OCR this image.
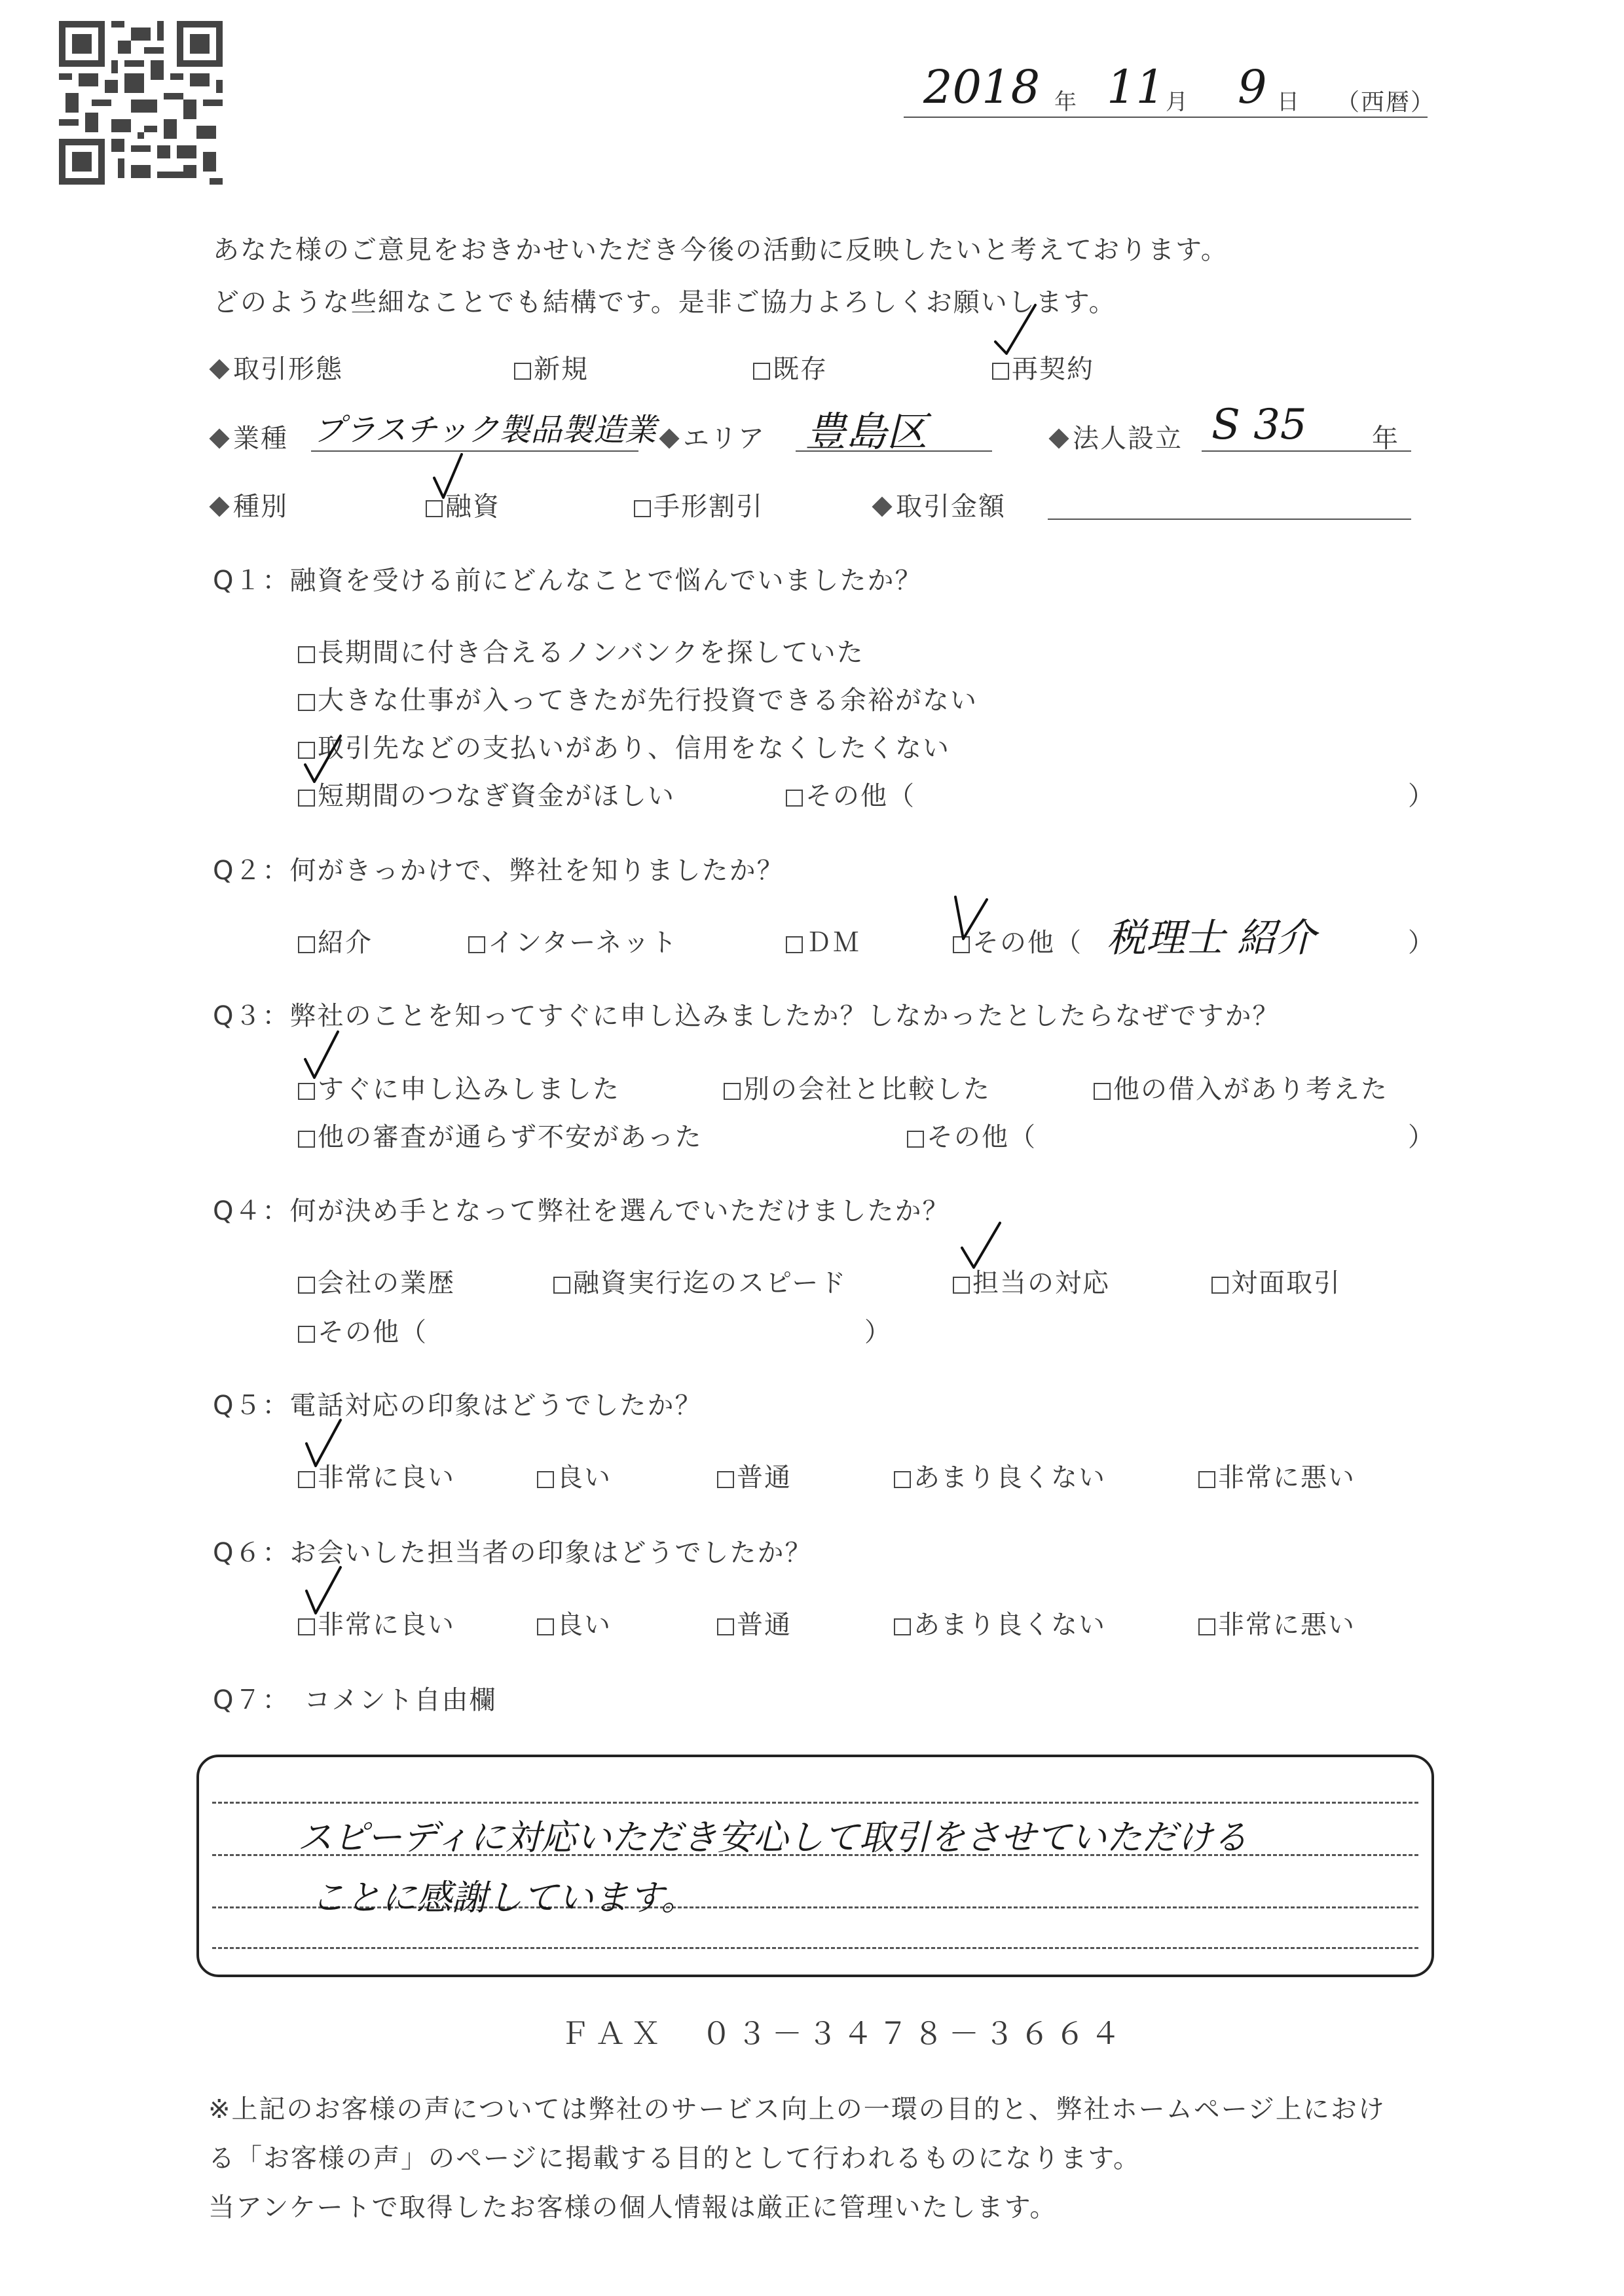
2018 年 11 月 9 日 （西暦）
あなた様のご意見をおきかせいただき今後の活動に反映したいと考えております。
どのような些細なことでも結構です。是非ご協力よろしくお願いします。
取引形態	新規	既存	再契約
業種 プラスチック製品製造業	エリア 豊島区	法人設立 S 35 年
種別	融資	手形割引	取引金額
Q１：融資を受ける前にどんなことで悩んでいましたか？
長期間に付き合えるノンバンクを探していた
大きな仕事が入ってきたが先行投資できる余裕がない
取引先などの支払いがあり、信用をなくしたくない
短期間のつなぎ資金がほしい	その他（	）
Q２：何がきっかけで、弊社を知りましたか？
紹介	インターネット	ＤＭ	その他（ 税理士 紹介	）
Q３：弊社のことを知ってすぐに申し込みましたか？しなかったとしたらなぜですか？
すぐに申し込みしました	別の会社と比較した	他の借入があり考えた
他の審査が通らず不安があった	その他（	）
Q４：何が決め手となって弊社を選んでいただけましたか？
会社の業歴	融資実行迄のスピード	担当の対応	対面取引
その他（	）
Q５：電話対応の印象はどうでしたか？
非常に良い	良い	普通	あまり良くない	非常に悪い
Q６：お会いした担当者の印象はどうでしたか？
非常に良い	良い	普通	あまり良くない	非常に悪い
Q７：　コメント自由欄
スピーディに対応いただき安心して取引をさせていただける
ことに感謝しています。
ＦＡＸ　０３－３４７８－３６６４
※上記のお客様の声については弊社のサービス向上の一環の目的と、弊社ホームページ上におけ
る「お客様の声」のページに掲載する目的として行われるものになります。
当アンケートで取得したお客様の個人情報は厳正に管理いたします。
